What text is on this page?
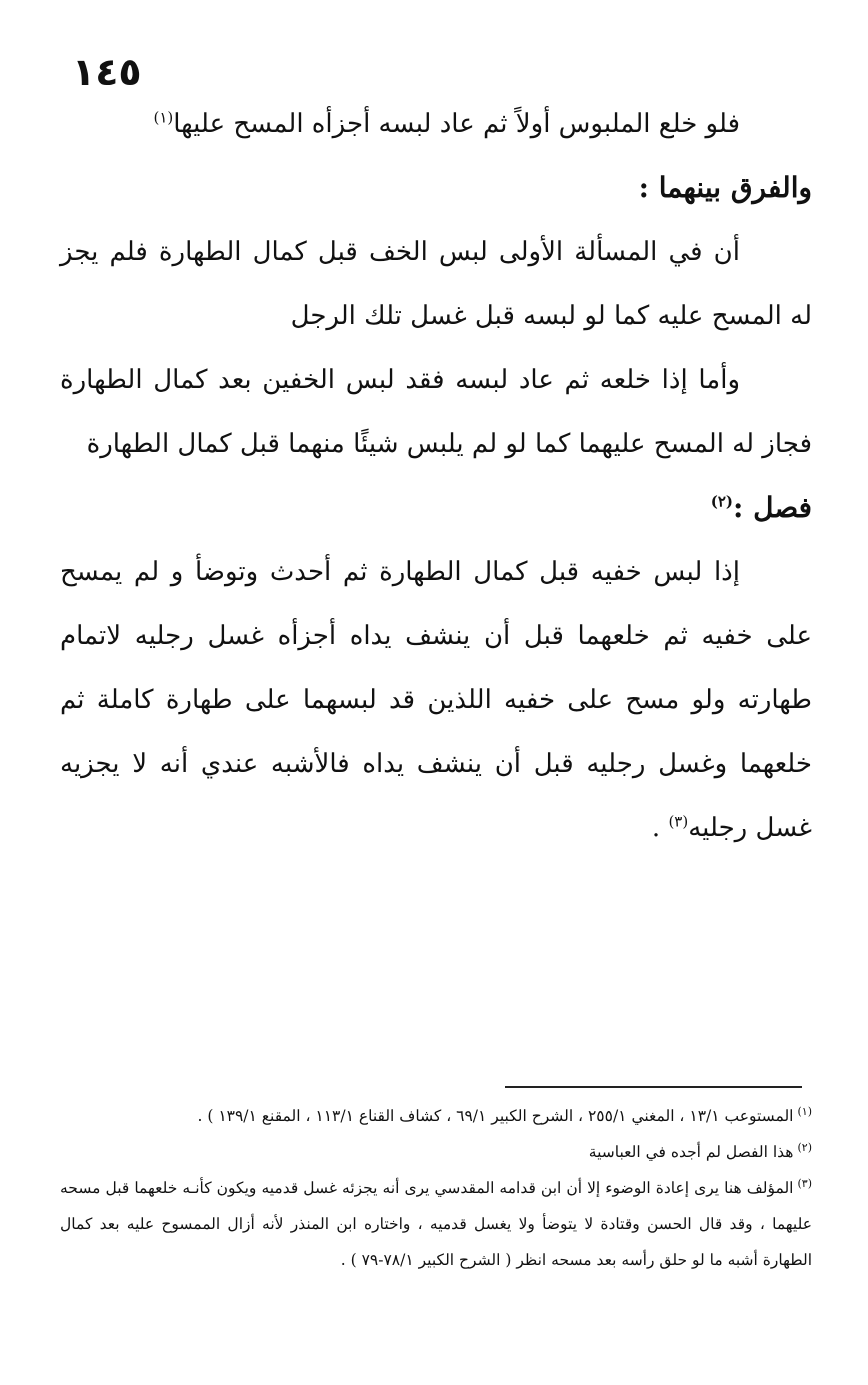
١٤٥

فلو خلع الملبوس أولاً ثم عاد لبسه أجزأه المسح عليها$^{(١)}$

والفرق بينهما :

أن في المسألة الأولى لبس الخف قبل كمال الطهارة فلم يجز له المسح عليه كما لو لبسه قبل غسل تلك الرجل

وأما إذا خلعه ثم عاد لبسه فقد لبس الخفين بعد كمال الطهارة فجاز له المسح عليهما كما لو لم يلبس شيئًا منهما قبل كمال الطهارة

فصل :$^{(٢)}$

إذا لبس خفيه قبل كمال الطهارة ثم أحدث وتوضأ و لم يمسح على خفيه ثم خلعهما قبل أن ينشف يداه أجزأه غسل رجليه لاتمام طهارته ولو مسح على خفيه اللذين قد لبسهما على طهارة كاملة ثم خلعهما وغسل رجليه قبل أن ينشف يداه فالأشبه عندي أنه لا يجزيه غسل رجليه$^{(٣)}$ .

$^{(١)}$المستوعب ١٣/١ ، المغني ٢٥٥/١ ، الشرح الكبير ٦٩/١ ، كشاف القناع ١١٣/١ ، المقنع ١٣٩/١ ) .

$^{(٢)}$هذا الفصل لم أجده في العباسية

$^{(٣)}$المؤلف هنا يرى إعادة الوضوء إلا أن ابن قدامه المقدسي يرى أنه يجزئه غسل قدميه ويكون كأنـه خلعهما قبل مسحه عليهما ، وقد قال الحسن وقتادة لا يتوضأ ولا يغسل قدميه ، واختاره ابن المنذر لأنه أزال الممسوح عليه بعد كمال الطهارة أشبه ما لو حلق رأسه بعد مسحه انظر ( الشرح الكبير ٧٨/١-٧٩ ) .
